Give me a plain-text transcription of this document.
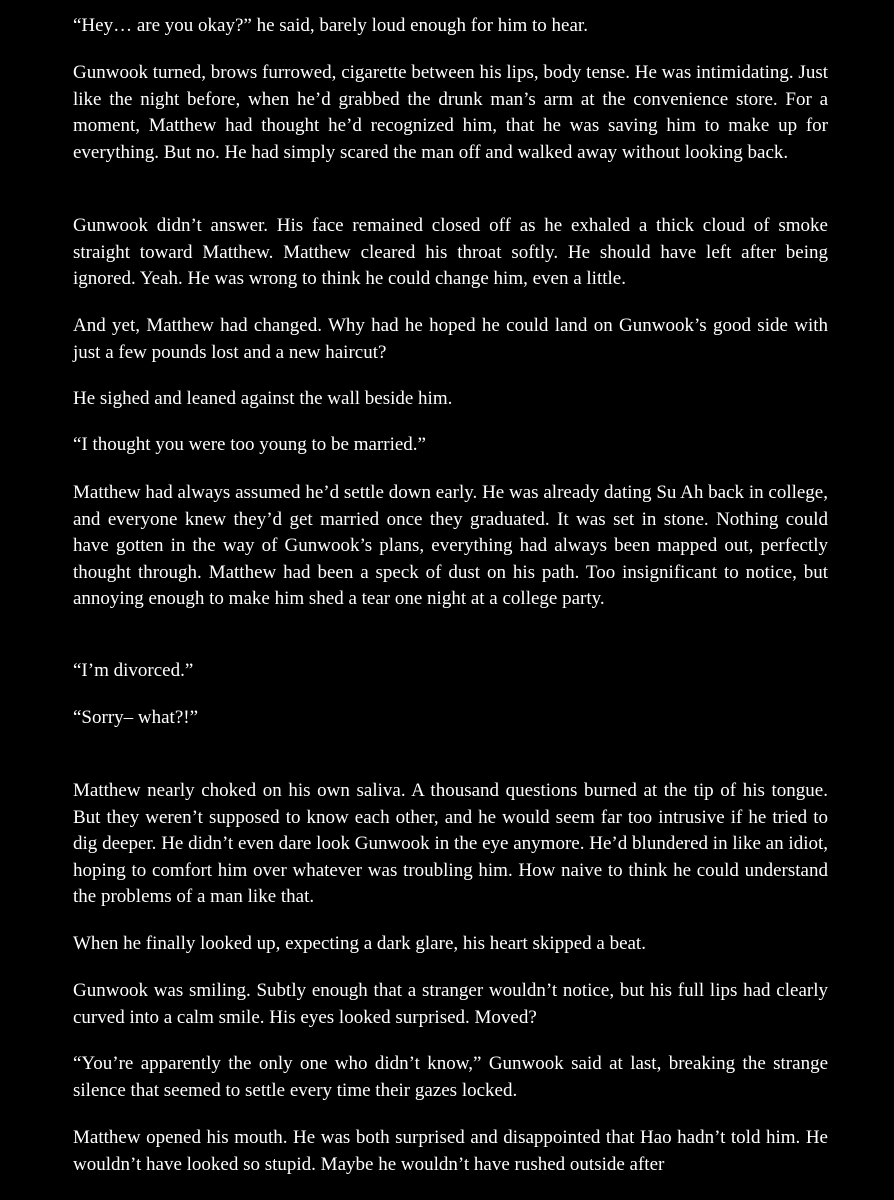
“Hey… are you okay?” he said, barely loud enough for him to hear.

Gunwook turned, brows furrowed, cigarette between his lips, body tense. He was intimidating. Just like the night before, when he’d grabbed the drunk man’s arm at the convenience store. For a moment, Matthew had thought he’d recognized him, that he was saving him to make up for everything. But no. He had simply scared the man off and walked away without looking back.

Gunwook didn’t answer. His face remained closed off as he exhaled a thick cloud of smoke straight toward Matthew. Matthew cleared his throat softly. He should have left after being ignored. Yeah. He was wrong to think he could change him, even a little.

And yet, Matthew had changed. Why had he hoped he could land on Gunwook’s good side with just a few pounds lost and a new haircut?

He sighed and leaned against the wall beside him.

“I thought you were too young to be married.”

Matthew had always assumed he’d settle down early. He was already dating Su Ah back in college, and everyone knew they’d get married once they graduated. It was set in stone. Nothing could have gotten in the way of Gunwook’s plans, everything had always been mapped out, perfectly thought through. Matthew had been a speck of dust on his path. Too insignificant to notice, but annoying enough to make him shed a tear one night at a college party.

“I’m divorced.”

“Sorry– what?!”

Matthew nearly choked on his own saliva. A thousand questions burned at the tip of his tongue. But they weren’t supposed to know each other, and he would seem far too intrusive if he tried to dig deeper. He didn’t even dare look Gunwook in the eye anymore. He’d blundered in like an idiot, hoping to comfort him over whatever was troubling him. How naive to think he could understand the problems of a man like that.

When he finally looked up, expecting a dark glare, his heart skipped a beat.

Gunwook was smiling. Subtly enough that a stranger wouldn’t notice, but his full lips had clearly curved into a calm smile. His eyes looked surprised. Moved?

“You’re apparently the only one who didn’t know,” Gunwook said at last, breaking the strange silence that seemed to settle every time their gazes locked.

Matthew opened his mouth. He was both surprised and disappointed that Hao hadn’t told him. He wouldn’t have looked so stupid. Maybe he wouldn’t have rushed outside after
